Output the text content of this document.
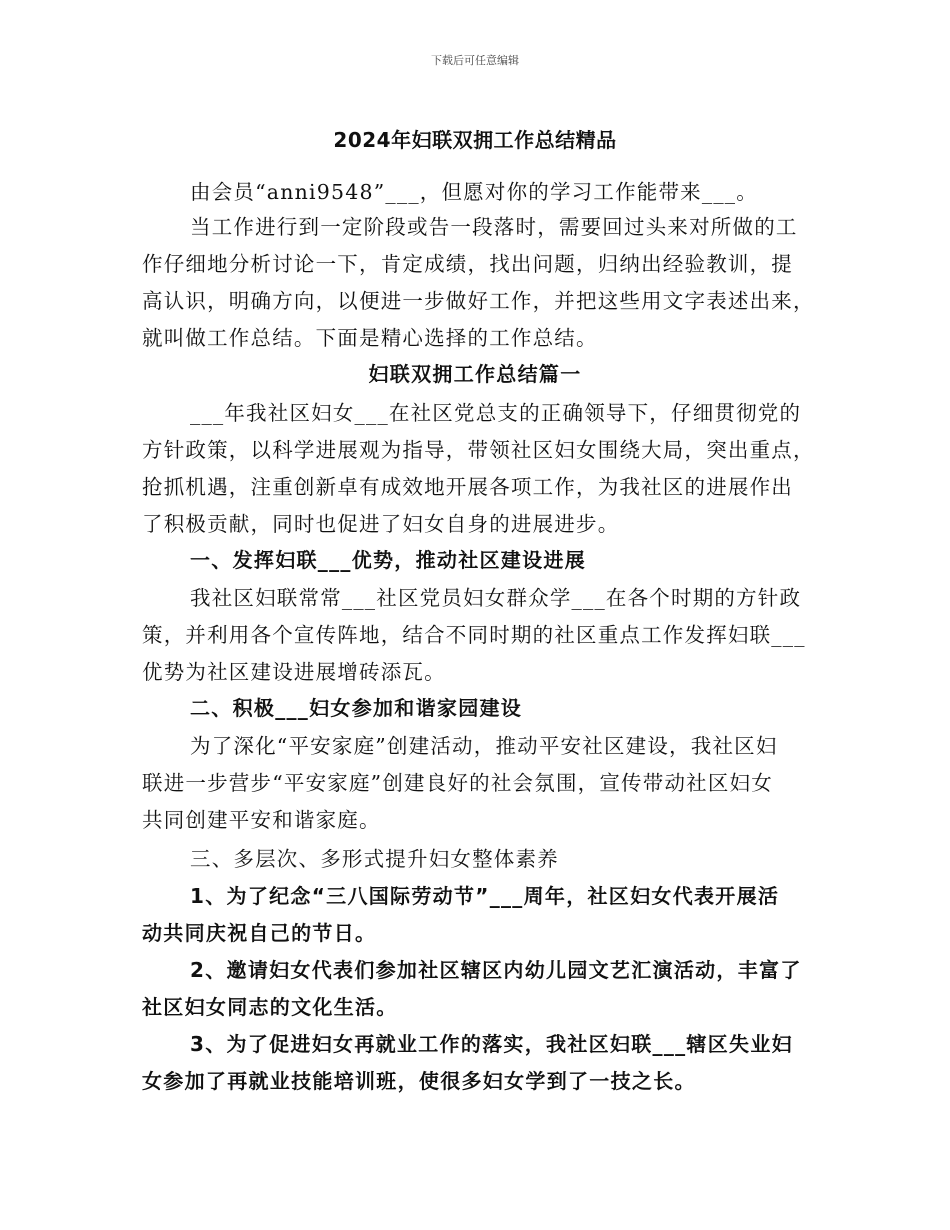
下载后可任意编辑
2024年妇联双拥工作总结精品
由会员“anni9548”___，但愿对你的学习工作能带来___。
当工作进行到一定阶段或告一段落时，需要回过头来对所做的工
作仔细地分析讨论一下，肯定成绩，找出问题，归纳出经验教训，提
高认识，明确方向，以便进一步做好工作，并把这些用文字表述出来，
就叫做工作总结。下面是精心选择的工作总结。
妇联双拥工作总结篇一
___年我社区妇女___在社区党总支的正确领导下，仔细贯彻党的
方针政策，以科学进展观为指导，带领社区妇女围绕大局，突出重点，
抢抓机遇，注重创新卓有成效地开展各项工作，为我社区的进展作出
了积极贡献，同时也促进了妇女自身的进展进步。
一、发挥妇联___优势，推动社区建设进展
我社区妇联常常___社区党员妇女群众学___在各个时期的方针政
策，并利用各个宣传阵地，结合不同时期的社区重点工作发挥妇联___
优势为社区建设进展增砖添瓦。
二、积极___妇女参加和谐家园建设
为了深化“平安家庭”创建活动，推动平安社区建设，我社区妇
联进一步营步“平安家庭”创建良好的社会氛围，宣传带动社区妇女
共同创建平安和谐家庭。
三、多层次、多形式提升妇女整体素养
1、为了纪念“三八国际劳动节”___周年，社区妇女代表开展活
动共同庆祝自己的节日。
2、邀请妇女代表们参加社区辖区内幼儿园文艺汇演活动，丰富了
社区妇女同志的文化生活。
3、为了促进妇女再就业工作的落实，我社区妇联___辖区失业妇
女参加了再就业技能培训班，使很多妇女学到了一技之长。
